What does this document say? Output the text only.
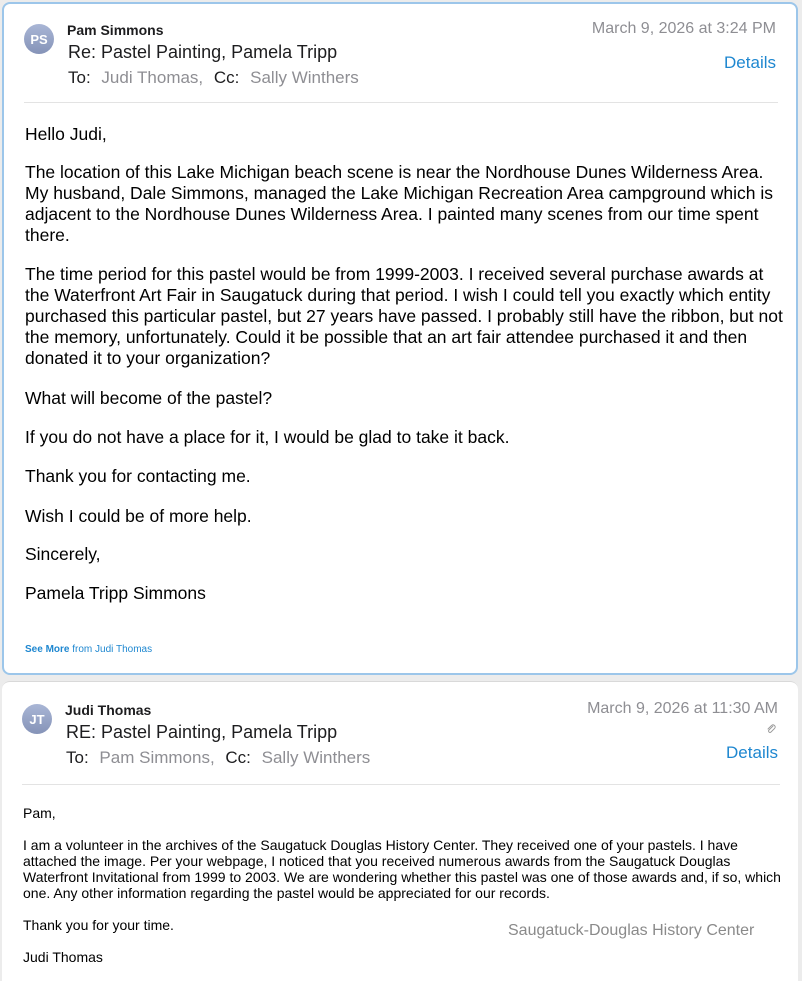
PS
Pam Simmons	March 9, 2026 at 3:24 PM
Re: Pastel Painting, Pamela Tripp
Details
To: Judi Thomas, Cc: Sally Winthers

Hello Judi,

The location of this Lake Michigan beach scene is near the Nordhouse Dunes Wilderness Area. My husband, Dale Simmons, managed the Lake Michigan Recreation Area campground which is adjacent to the Nordhouse Dunes Wilderness Area. I painted many scenes from our time spent there.

The time period for this pastel would be from 1999-2003. I received several purchase awards at the Waterfront Art Fair in Saugatuck during that period. I wish I could tell you exactly which entity purchased this particular pastel, but 27 years have passed. I probably still have the ribbon, but not the memory, unfortunately. Could it be possible that an art fair attendee purchased it and then donated it to your organization?

What will become of the pastel?

If you do not have a place for it, I would be glad to take it back.

Thank you for contacting me.

Wish I could be of more help.

Sincerely,

Pamela Tripp Simmons

See More from Judi Thomas
JT
Judi Thomas	March 9, 2026 at 11:30 AM
RE: Pastel Painting, Pamela Tripp
Details
To: Pam Simmons, Cc: Sally Winthers

Pam,

I am a volunteer in the archives of the Saugatuck Douglas History Center. They received one of your pastels. I have attached the image. Per your webpage, I noticed that you received numerous awards from the Saugatuck Douglas Waterfront Invitational from 1999 to 2003. We are wondering whether this pastel was one of those awards and, if so, which one. Any other information regarding the pastel would be appreciated for our records.

Thank you for your time.

Judi Thomas

Saugatuck-Douglas History Center
